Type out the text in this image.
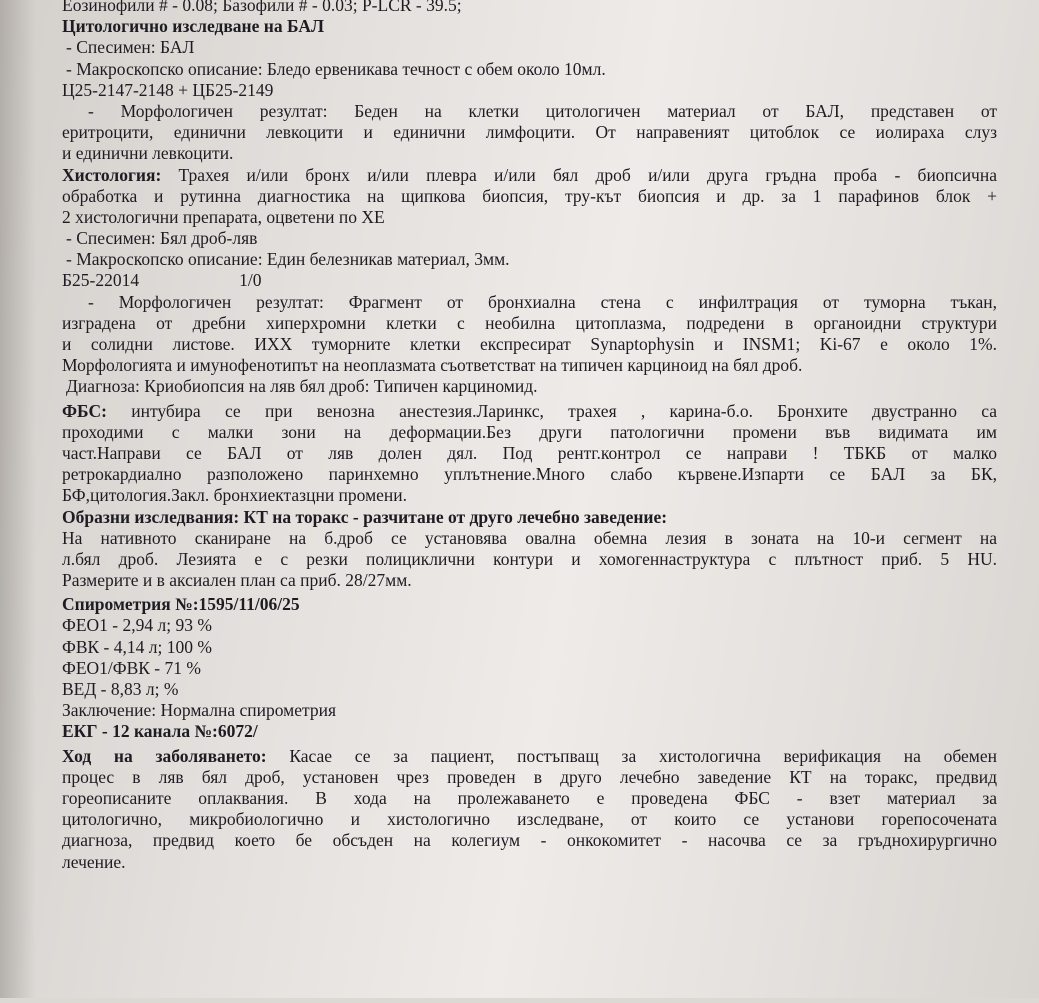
Еозинофили # - 0.08; Базофили # - 0.03; P-LCR - 39.5;
Цитологично изследване на БАЛ
- Спесимен: БАЛ
- Макроскопско описание: Бледо ервеникава течност с обем около 10мл.
Ц25-2147-2148 + ЦБ25-2149
- Морфологичен резултат: Беден на клетки цитологичен материал от БАЛ, представен от
еритроцити, единични левкоцити и единични лимфоцити. От направеният цитоблок се иолираха слуз
и единични левкоцити.
Хистология: Трахея и/или бронх и/или плевра и/или бял дроб и/или друга гръдна проба - биопсична
обработка и рутинна диагностика на щипкова биопсия, тру-кът биопсия и др. за 1 парафинов блок +
2 хистологични препарата, оцветени по ХЕ
- Спесимен: Бял дроб-ляв
- Макроскопско описание: Един белезникав материал, 3мм.
Б25-22014	1/0
- Морфологичен резултат: Фрагмент от бронхиална стена с инфилтрация от туморна тъкан,
изградена от дребни хиперхромни клетки с необилна цитоплазма, подредени в органоидни структури
и солидни листове. ИХХ туморните клетки експресират Synaptophysin и INSM1; Ki-67 е около 1%.
Морфологията и имунофенотипът на неоплазмата съответстват на типичен карциноид на бял дроб.
Диагноза: Криобиопсия на ляв бял дроб: Типичен карциномид.
ФБС: интубира се при венозна анестезия.Ларинкс, трахея , карина-б.о. Бронхите двустранно са
проходими с малки зони на деформации.Без други патологични промени във видимата им
част.Направи се БАЛ от ляв долен дял. Под рентг.контрол се направи ! ТБКБ от малко
ретрокардиално разположено паринхемно уплътнение.Много слабо кървене.Изпарти се БАЛ за БК,
БФ,цитология.Закл. бронхиектазцни промени.
Образни изследвания: КТ на торакс - разчитане от друго лечебно заведение:
На нативното сканиране на б.дроб се установява овална обемна лезия в зоната на 10-и сегмент на
л.бял дроб. Лезията е с резки полициклични контури и хомогеннаструктура с плътност приб. 5 HU.
Размерите и в аксиален план са приб. 28/27мм.
Спирометрия №:1595/11/06/25
ФЕО1 - 2,94 л; 93 %
ФВК - 4,14 л; 100 %
ФЕО1/ФВК - 71 %
ВЕД - 8,83 л; %
Заключение: Нормална спирометрия
ЕКГ - 12 канала №:6072/
Ход на заболяването: Касае се за пациент, постъпващ за хистологична верификация на обемен
процес в ляв бял дроб, установен чрез проведен в друго лечебно заведение КТ на торакс, предвид
горeописаните оплаквания. В хода на пролежаването е проведена ФБС - взет материал за
цитологично, микробиологично и хистологично изследване, от които се установи горепосочената
диагноза, предвид което бе обсъден на колегиум - онкокомитет - насочва се за гръднохирургично
лечение.
